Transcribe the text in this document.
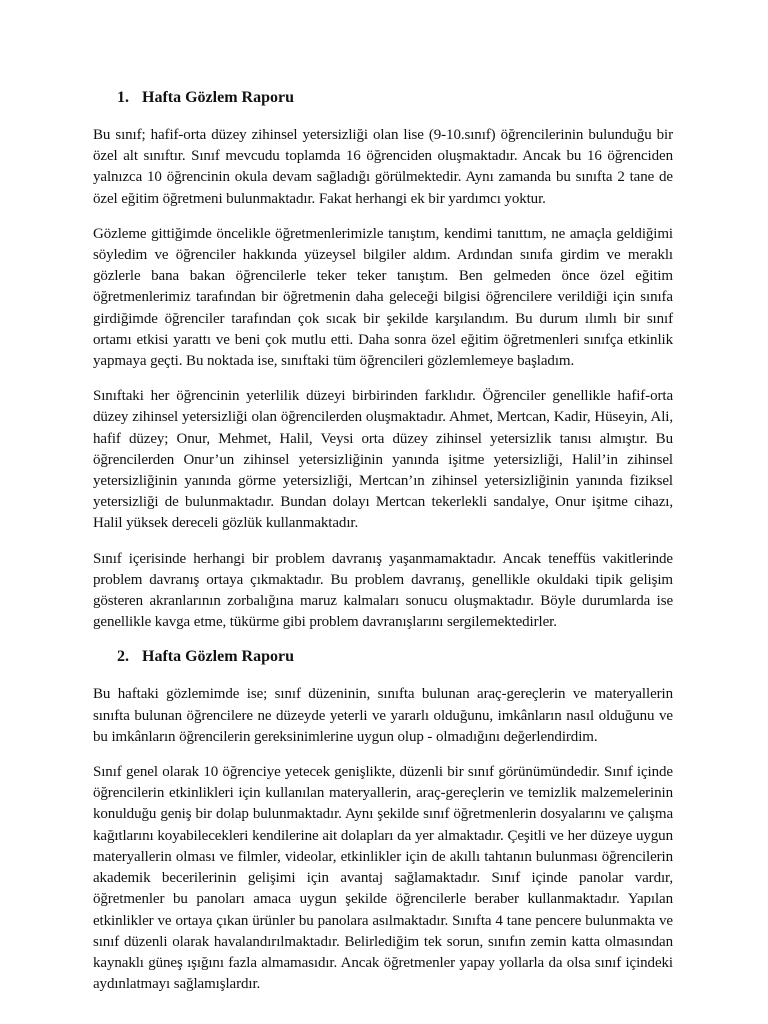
1. Hafta Gözlem Raporu

Bu sınıf; hafif-orta düzey zihinsel yetersizliği olan lise (9-10.sınıf) öğrencilerinin bulunduğu bir özel alt sınıftır. Sınıf mevcudu toplamda 16 öğrenciden oluşmaktadır. Ancak bu 16 öğrenciden yalnızca 10 öğrencinin okula devam sağladığı görülmektedir. Aynı zamanda bu sınıfta 2 tane de özel eğitim öğretmeni bulunmaktadır. Fakat herhangi ek bir yardımcı yoktur.

Gözleme gittiğimde öncelikle öğretmenlerimizle tanıştım, kendimi tanıttım, ne amaçla geldiğimi söyledim ve öğrenciler hakkında yüzeysel bilgiler aldım. Ardından sınıfa girdim ve meraklı gözlerle bana bakan öğrencilerle teker teker tanıştım. Ben gelmeden önce özel eğitim öğretmenlerimiz tarafından bir öğretmenin daha geleceği bilgisi öğrencilere verildiği için sınıfa girdiğimde öğrenciler tarafından çok sıcak bir şekilde karşılandım. Bu durum ılımlı bir sınıf ortamı etkisi yarattı ve beni çok mutlu etti. Daha sonra özel eğitim öğretmenleri sınıfça etkinlik yapmaya geçti. Bu noktada ise, sınıftaki tüm öğrencileri gözlemlemeye başladım.

Sınıftaki her öğrencinin yeterlilik düzeyi birbirinden farklıdır. Öğrenciler genellikle hafif-orta düzey zihinsel yetersizliği olan öğrencilerden oluşmaktadır. Ahmet, Mertcan, Kadir, Hüseyin, Ali, hafif düzey; Onur, Mehmet, Halil, Veysi orta düzey zihinsel yetersizlik tanısı almıştır. Bu öğrencilerden Onur’un zihinsel yetersizliğinin yanında işitme yetersizliği, Halil’in zihinsel yetersizliğinin yanında görme yetersizliği, Mertcan’ın zihinsel yetersizliğinin yanında fiziksel yetersizliği de bulunmaktadır. Bundan dolayı Mertcan tekerlekli sandalye, Onur işitme cihazı, Halil yüksek dereceli gözlük kullanmaktadır.

Sınıf içerisinde herhangi bir problem davranış yaşanmamaktadır. Ancak teneffüs vakitlerinde problem davranış ortaya çıkmaktadır. Bu problem davranış, genellikle okuldaki tipik gelişim gösteren akranlarının zorbalığına maruz kalmaları sonucu oluşmaktadır. Böyle durumlarda ise genellikle kavga etme, tükürme gibi problem davranışlarını sergilemektedirler.

2. Hafta Gözlem Raporu

Bu haftaki gözlemimde ise; sınıf düzeninin, sınıfta bulunan araç-gereçlerin ve materyallerin sınıfta bulunan öğrencilere ne düzeyde yeterli ve yararlı olduğunu, imkânların nasıl olduğunu ve bu imkânların öğrencilerin gereksinimlerine uygun olup - olmadığını değerlendirdim.

Sınıf genel olarak 10 öğrenciye yetecek genişlikte, düzenli bir sınıf görünümündedir. Sınıf içinde öğrencilerin etkinlikleri için kullanılan materyallerin, araç-gereçlerin ve temizlik malzemelerinin konulduğu geniş bir dolap bulunmaktadır. Aynı şekilde sınıf öğretmenlerin dosyalarını ve çalışma kağıtlarını koyabilecekleri kendilerine ait dolapları da yer almaktadır. Çeşitli ve her düzeye uygun materyallerin olması ve filmler, videolar, etkinlikler için de akıllı tahtanın bulunması öğrencilerin akademik becerilerinin gelişimi için avantaj sağlamaktadır. Sınıf içinde panolar vardır, öğretmenler bu panoları amaca uygun şekilde öğrencilerle beraber kullanmaktadır. Yapılan etkinlikler ve ortaya çıkan ürünler bu panolara asılmaktadır. Sınıfta 4 tane pencere bulunmakta ve sınıf düzenli olarak havalandırılmaktadır. Belirlediğim tek sorun, sınıfın zemin katta olmasından kaynaklı güneş ışığını fazla almamasıdır. Ancak öğretmenler yapay yollarla da olsa sınıf içindeki aydınlatmayı sağlamışlardır.
